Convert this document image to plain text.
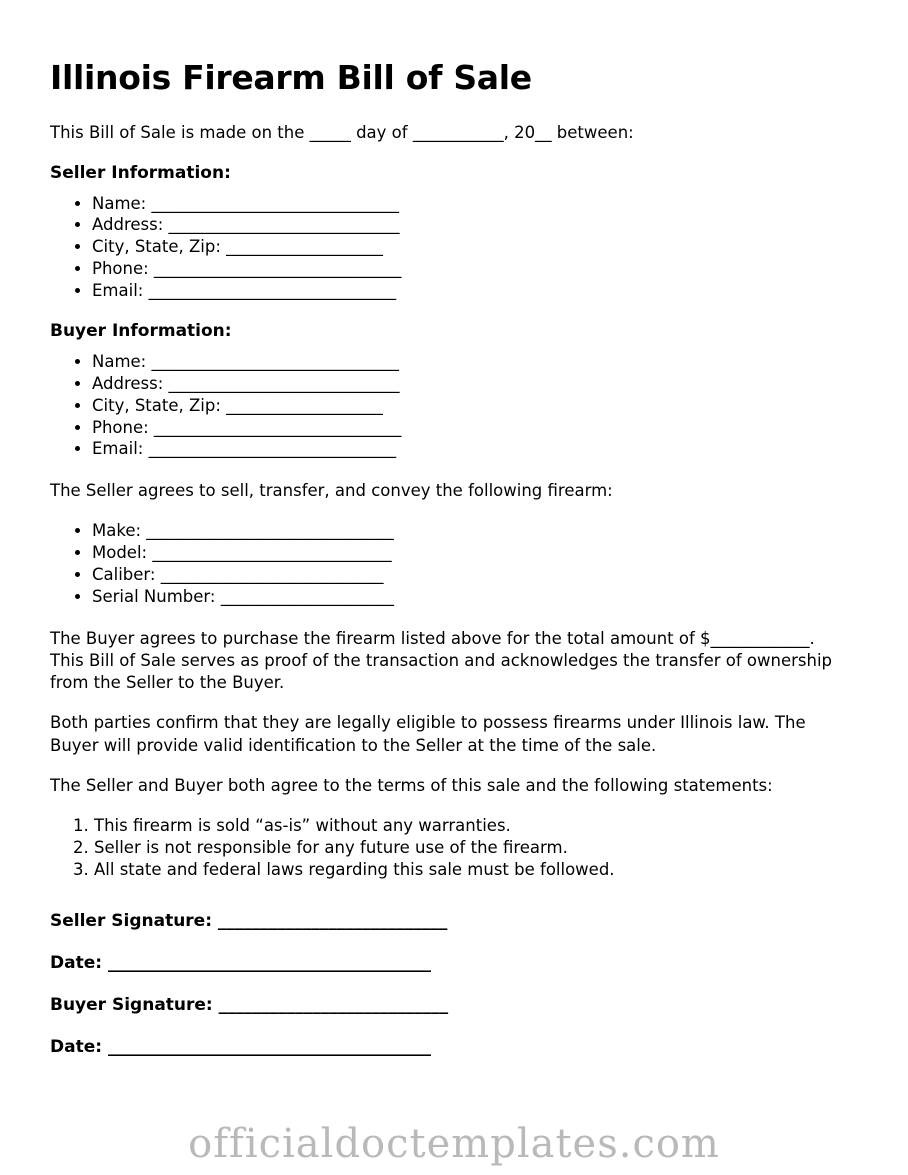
Illinois Firearm Bill of Sale

This Bill of Sale is made on the _____ day of ___________, 20__ between:

Seller Information:
• Name: ______________________________
• Address: ____________________________
• City, State, Zip: ___________________
• Phone: ______________________________
• Email: ______________________________
Buyer Information:
• Name: ______________________________
• Address: ____________________________
• City, State, Zip: ___________________
• Phone: ______________________________
• Email: ______________________________

The Seller agrees to sell, transfer, and convey the following firearm:

• Make: ______________________________
• Model: _____________________________
• Caliber: ___________________________
• Serial Number: _____________________

The Buyer agrees to purchase the firearm listed above for the total amount of $____________. This Bill of Sale serves as proof of the transaction and acknowledges the transfer of ownership from the Seller to the Buyer.

Both parties confirm that they are legally eligible to possess firearms under Illinois law. The Buyer will provide valid identification to the Seller at the time of the sale.

The Seller and Buyer both agree to the terms of this sale and the following statements:

1. This firearm is sold “as-is” without any warranties.
2. Seller is not responsible for any future use of the firearm.
3. All state and federal laws regarding this sale must be followed.
Seller Signature: ___________________________
Date: ______________________________________
Buyer Signature: ___________________________
Date: ______________________________________
officialdoctemplates.com
